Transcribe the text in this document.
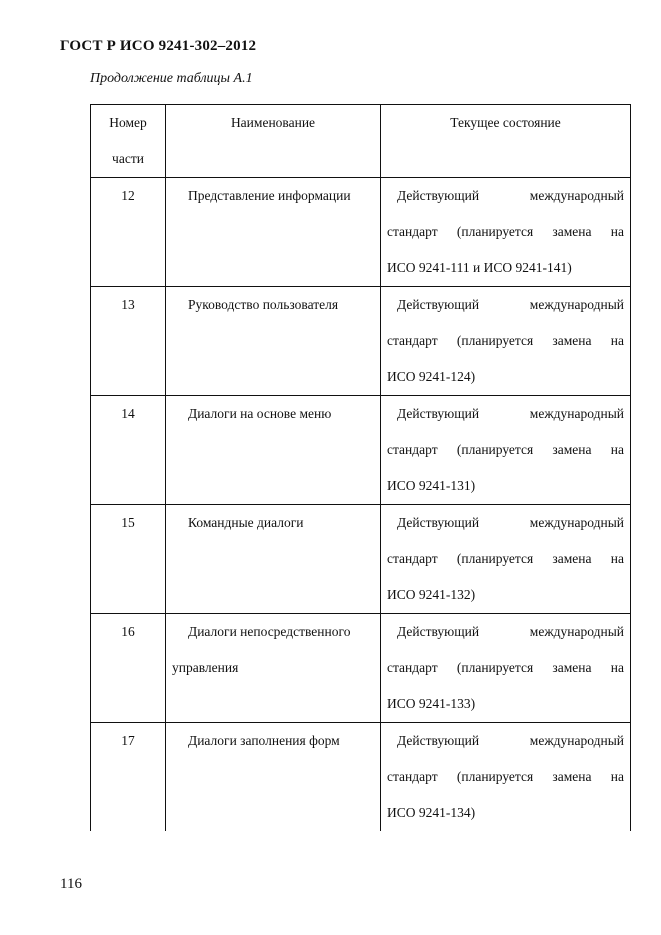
ГОСТ Р ИСО 9241-302–2012
Продолжение таблицы А.1
Номер части	Наименование	Текущее состояние
12	Представление информации	Действующий международный
стандарт (планируется замена на
ИСО 9241-111 и ИСО 9241-141)

13	Руководство пользователя	Действующий международный
стандарт (планируется замена на
ИСО 9241-124)

14	Диалоги на основе меню	Действующий международный
стандарт (планируется замена на
ИСО 9241-131)

15	Командные диалоги	Действующий международный
стандарт (планируется замена на
ИСО 9241-132)

16	Диалоги непосредственного управления	Действующий международный
стандарт (планируется замена на
ИСО 9241-133)

17	Диалоги заполнения форм	Действующий международный
стандарт (планируется замена на
ИСО 9241-134)
116
